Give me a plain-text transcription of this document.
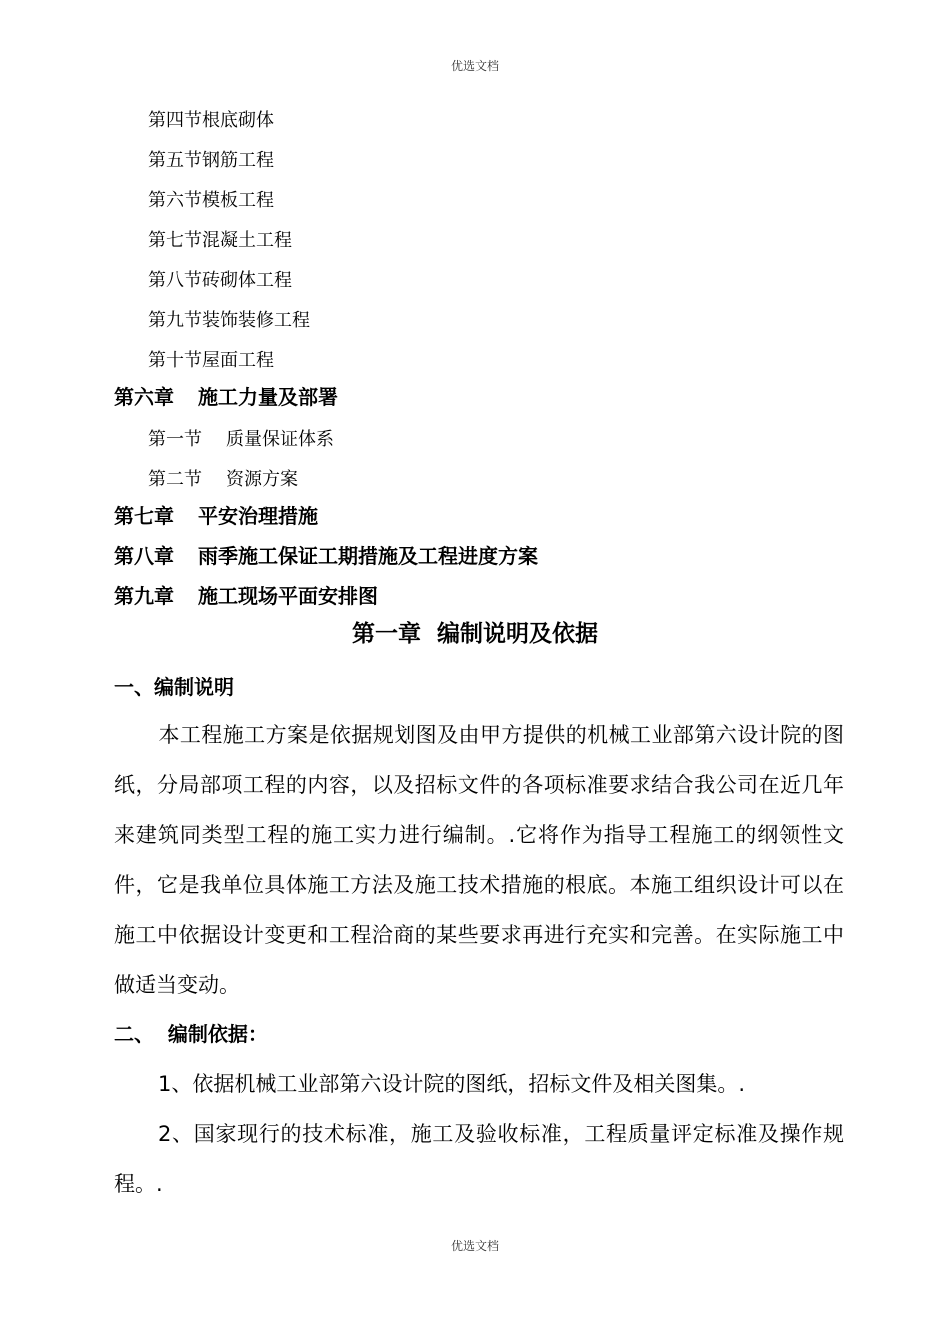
优选文档
第四节根底砌体
第五节钢筋工程
第六节模板工程
第七节混凝土工程
第八节砖砌体工程
第九节装饰装修工程
第十节屋面工程
第六章 施工力量及部署
第一节 质量保证体系
第二节 资源方案
第七章 平安治理措施
第八章 雨季施工保证工期措施及工程进度方案
第九章 施工现场平面安排图
第一章  编制说明及依据
一、编制说明

本工程施工方案是依据规划图及由甲方提供的机械工业部第六设计院的图纸，分局部项工程的内容，以及招标文件的各项标准要求结合我公司在近几年来建筑同类型工程的施工实力进行编制。.它将作为指导工程施工的纲领性文件，它是我单位具体施工方法及施工技术措施的根底。本施工组织设计可以在施工中依据设计变更和工程洽商的某些要求再进行充实和完善。在实际施工中做适当变动。

二、  编制依据：

1、依据机械工业部第六设计院的图纸，招标文件及相关图集。.

2、国家现行的技术标准，施工及验收标准，工程质量评定标准及操作规程。.

优选文档
